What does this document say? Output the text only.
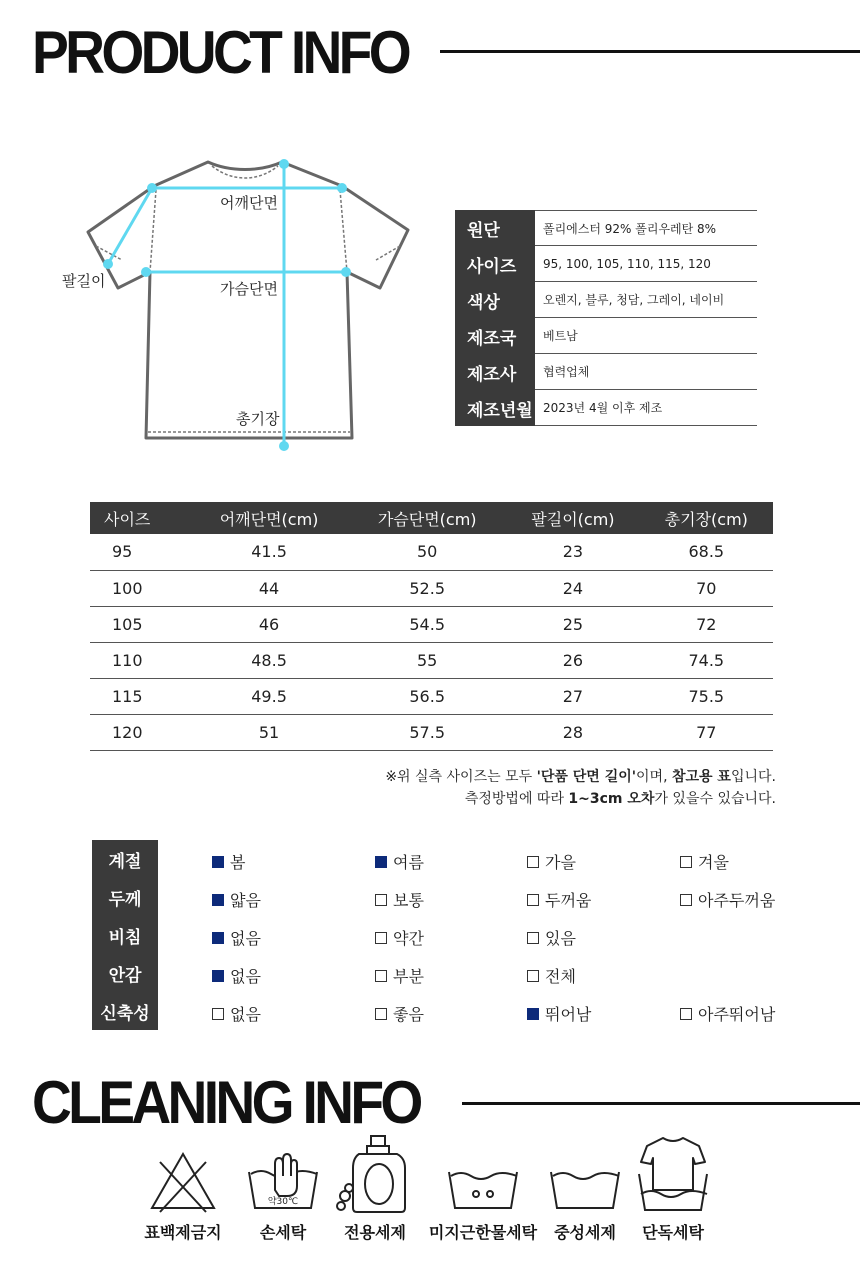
PRODUCT INFO
어깨단면
팔길이	가슴단면
총기장
원단	폴리에스터 92% 폴리우레탄 8%
사이즈	95, 100, 105, 110, 115, 120
색상	오렌지, 블루, 청담, 그레이, 네이비
제조국	베트남
제조사	협력업체
제조년월 2023년 4월 이후 제조
사이즈	어깨단면(cm)	가슴단면(cm)	팔길이(cm)	총기장(cm)
95	41.5	50	23	68.5
100	44	52.5	24	70
105	46	54.5	25	72
110	48.5	55	26	74.5
115	49.5	56.5	27	75.5
120	51	57.5	28	77
※위 실측 사이즈는 모두 '단품 단면 길이'이며, 참고용 표입니다.
측정방법에 따라 1~3cm 오차가 있을수 있습니다.
계절	봄	여름	가을	겨울
두께	얇음	보통	두꺼움	아주두꺼움
비침	없음	약간	있음
안감	없음	부분	전체
신축성	없음	좋음	뛰어남	아주뛰어남
CLEANING INFO
표백제금지
약30℃
손세탁	전용세제	미지근한물세탁	중성세제	단독세탁
